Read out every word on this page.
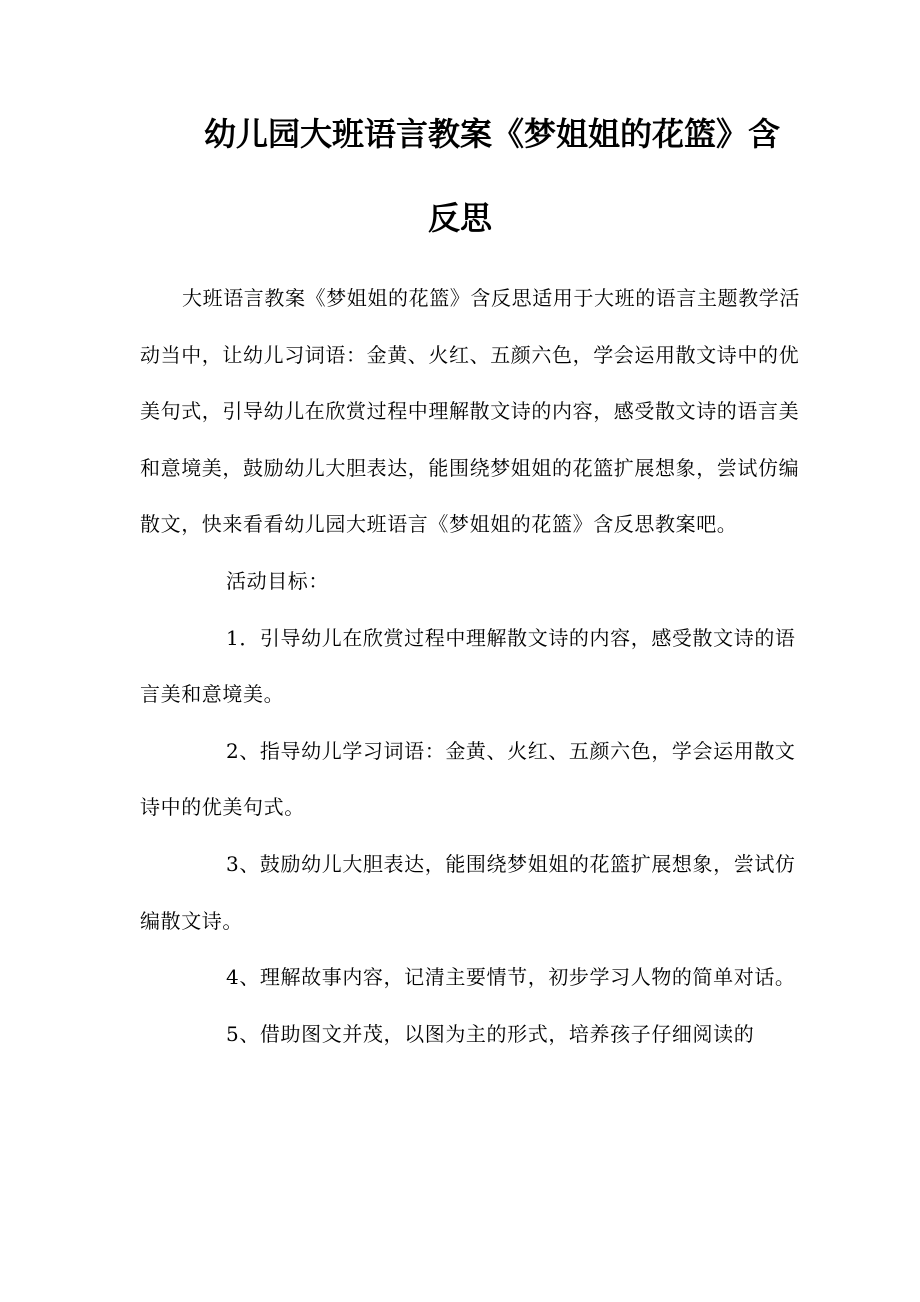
幼儿园大班语言教案《梦姐姐的花篮》含
反思

大班语言教案《梦姐姐的花篮》含反思适用于大班的语言主题教学活动当中，让幼儿习词语：金黄、火红、五颜六色，学会运用散文诗中的优美句式，引导幼儿在欣赏过程中理解散文诗的内容，感受散文诗的语言美和意境美，鼓励幼儿大胆表达，能围绕梦姐姐的花篮扩展想象，尝试仿编散文，快来看看幼儿园大班语言《梦姐姐的花篮》含反思教案吧。

活动目标：

1．引导幼儿在欣赏过程中理解散文诗的内容，感受散文诗的语言美和意境美。

2、指导幼儿学习词语：金黄、火红、五颜六色，学会运用散文诗中的优美句式。

3、鼓励幼儿大胆表达，能围绕梦姐姐的花篮扩展想象，尝试仿编散文诗。

4、理解故事内容，记清主要情节，初步学习人物的简单对话。

5、借助图文并茂，以图为主的形式，培养孩子仔细阅读的
